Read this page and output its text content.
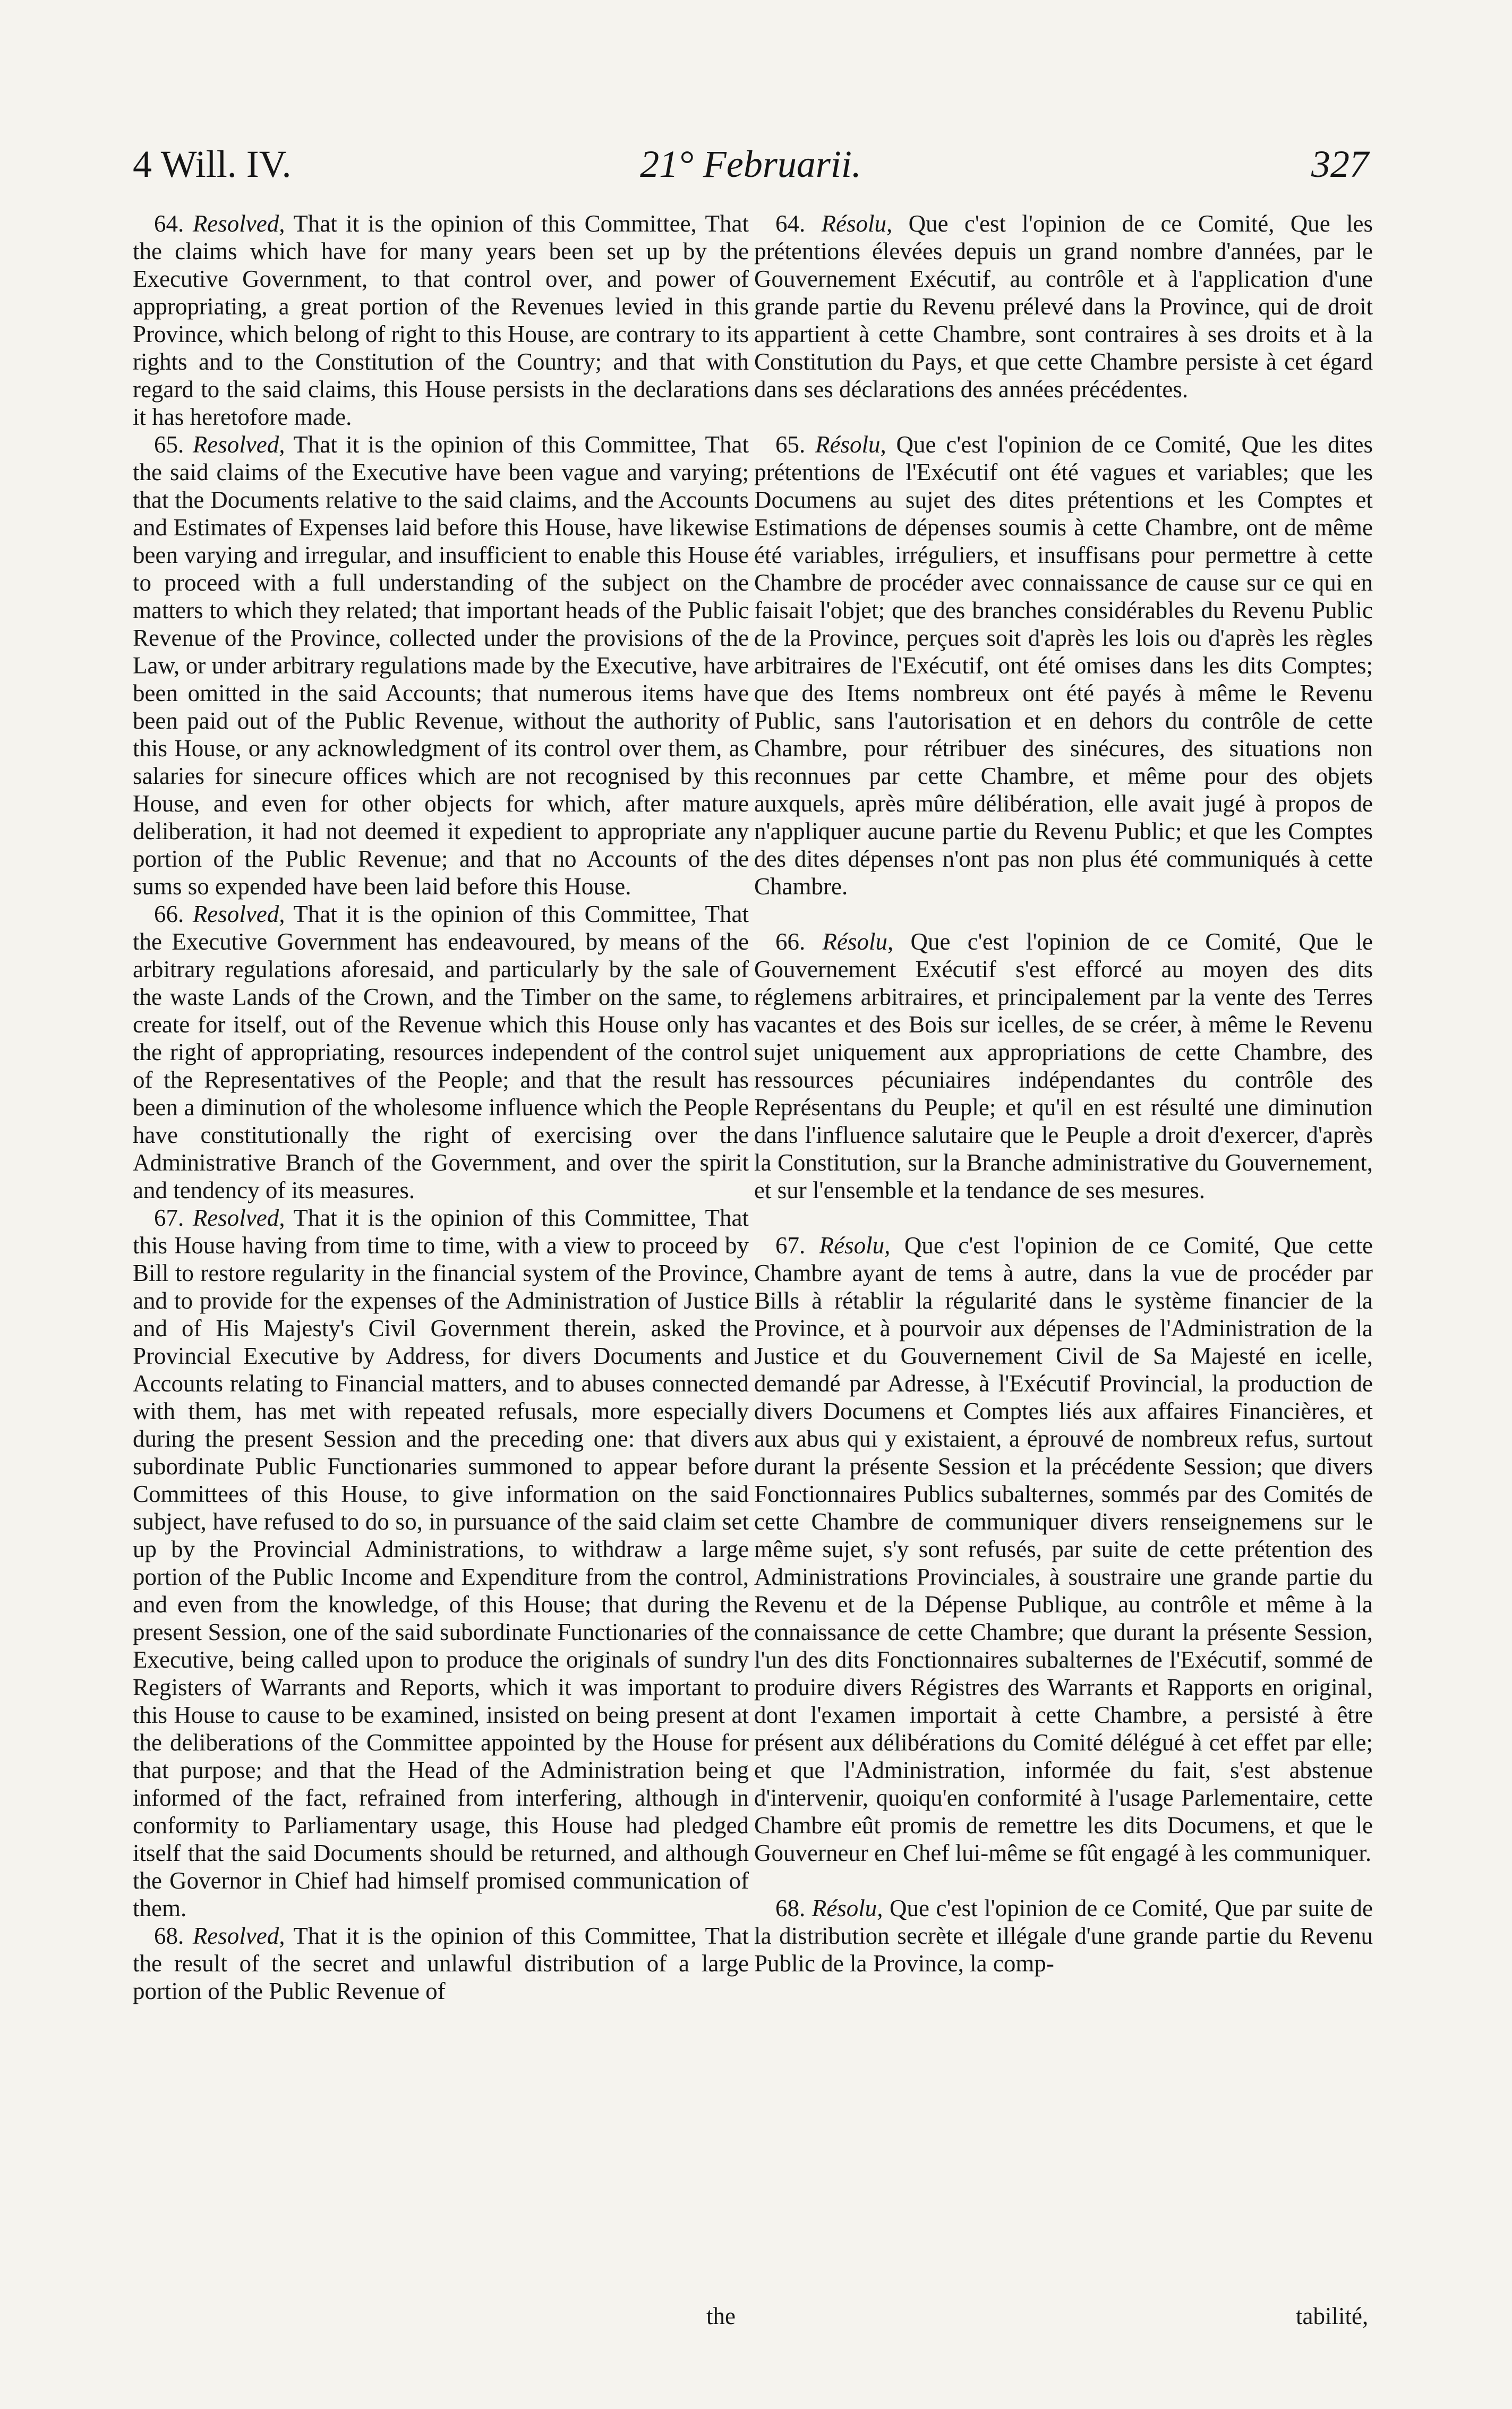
4 Will. IV.	21° Februarii.	327

64. Resolved, That it is the opinion of this Committee, That the claims which have for many years been set up by the Executive Government, to that control over, and power of appropriating, a great portion of the Revenues levied in this Province, which belong of right to this House, are contrary to its rights and to the Constitution of the Country; and that with regard to the said claims, this House persists in the declarations it has heretofore made.

65. Resolved, That it is the opinion of this Committee, That the said claims of the Executive have been vague and varying; that the Documents relative to the said claims, and the Accounts and Estimates of Expenses laid before this House, have likewise been varying and irregular, and insufficient to enable this House to proceed with a full understanding of the subject on the matters to which they related; that important heads of the Public Revenue of the Province, collected under the provisions of the Law, or under arbitrary regulations made by the Executive, have been omitted in the said Accounts; that numerous items have been paid out of the Public Revenue, without the authority of this House, or any acknowledgment of its control over them, as salaries for sinecure offices which are not recognised by this House, and even for other objects for which, after mature deliberation, it had not deemed it expedient to appropriate any portion of the Public Revenue; and that no Accounts of the sums so expended have been laid before this House.

66. Resolved, That it is the opinion of this Committee, That the Executive Government has endeavoured, by means of the arbitrary regulations aforesaid, and particularly by the sale of the waste Lands of the Crown, and the Timber on the same, to create for itself, out of the Revenue which this House only has the right of appropriating, resources independent of the control of the Representatives of the People; and that the result has been a diminution of the wholesome influence which the People have constitutionally the right of exercising over the Administrative Branch of the Government, and over the spirit and tendency of its measures.

67. Resolved, That it is the opinion of this Committee, That this House having from time to time, with a view to proceed by Bill to restore regularity in the financial system of the Province, and to provide for the expenses of the Administration of Justice and of His Majesty's Civil Government therein, asked the Provincial Executive by Address, for divers Documents and Accounts relating to Financial matters, and to abuses connected with them, has met with repeated refusals, more especially during the present Session and the preceding one: that divers subordinate Public Functionaries summoned to appear before Committees of this House, to give information on the said subject, have refused to do so, in pursuance of the said claim set up by the Provincial Administrations, to withdraw a large portion of the Public Income and Expenditure from the control, and even from the knowledge, of this House; that during the present Session, one of the said subordinate Functionaries of the Executive, being called upon to produce the originals of sundry Registers of Warrants and Reports, which it was important to this House to cause to be examined, insisted on being present at the deliberations of the Committee appointed by the House for that purpose; and that the Head of the Administration being informed of the fact, refrained from interfering, although in conformity to Parliamentary usage, this House had pledged itself that the said Documents should be returned, and although the Governor in Chief had himself promised communication of them.

68. Resolved, That it is the opinion of this Committee, That the result of the secret and unlawful distribution of a large portion of the Public Revenue of

the

64. Résolu, Que c'est l'opinion de ce Comité, Que les prétentions élevées depuis un grand nombre d'années, par le Gouvernement Exécutif, au contrôle et à l'application d'une grande partie du Revenu prélevé dans la Province, qui de droit appartient à cette Chambre, sont contraires à ses droits et à la Constitution du Pays, et que cette Chambre persiste à cet égard dans ses déclarations des années précédentes.

65. Résolu, Que c'est l'opinion de ce Comité, Que les dites prétentions de l'Exécutif ont été vagues et variables; que les Documens au sujet des dites prétentions et les Comptes et Estimations de dépenses soumis à cette Chambre, ont de même été variables, irréguliers, et insuffisans pour permettre à cette Chambre de procéder avec connaissance de cause sur ce qui en faisait l'objet; que des branches considérables du Revenu Public de la Province, perçues soit d'après les lois ou d'après les règles arbitraires de l'Exécutif, ont été omises dans les dits Comptes; que des Items nombreux ont été payés à même le Revenu Public, sans l'autorisation et en dehors du contrôle de cette Chambre, pour rétribuer des sinécures, des situations non reconnues par cette Chambre, et même pour des objets auxquels, après mûre délibération, elle avait jugé à propos de n'appliquer aucune partie du Revenu Public; et que les Comptes des dites dépenses n'ont pas non plus été communiqués à cette Chambre.

66. Résolu, Que c'est l'opinion de ce Comité, Que le Gouvernement Exécutif s'est efforcé au moyen des dits réglemens arbitraires, et principalement par la vente des Terres vacantes et des Bois sur icelles, de se créer, à même le Revenu sujet uniquement aux appropriations de cette Chambre, des ressources pécuniaires indépendantes du contrôle des Représentans du Peuple; et qu'il en est résulté une diminution dans l'influence salutaire que le Peuple a droit d'exercer, d'après la Constitution, sur la Branche administrative du Gouvernement, et sur l'ensemble et la tendance de ses mesures.

67. Résolu, Que c'est l'opinion de ce Comité, Que cette Chambre ayant de tems à autre, dans la vue de procéder par Bills à rétablir la régularité dans le système financier de la Province, et à pourvoir aux dépenses de l'Administration de la Justice et du Gouvernement Civil de Sa Majesté en icelle, demandé par Adresse, à l'Exécutif Provincial, la production de divers Documens et Comptes liés aux affaires Financières, et aux abus qui y existaient, a éprouvé de nombreux refus, surtout durant la présente Session et la précédente Session; que divers Fonctionnaires Publics subalternes, sommés par des Comités de cette Chambre de communiquer divers renseignemens sur le même sujet, s'y sont refusés, par suite de cette prétention des Administrations Provinciales, à soustraire une grande partie du Revenu et de la Dépense Publique, au contrôle et même à la connaissance de cette Chambre; que durant la présente Session, l'un des dits Fonctionnaires subalternes de l'Exécutif, sommé de produire divers Régistres des Warrants et Rapports en original, dont l'examen importait à cette Chambre, a persisté à être présent aux délibérations du Comité délégué à cet effet par elle; et que l'Administration, informée du fait, s'est abstenue d'intervenir, quoiqu'en conformité à l'usage Parlementaire, cette Chambre eût promis de remettre les dits Documens, et que le Gouverneur en Chef lui-même se fût engagé à les communiquer.

68. Résolu, Que c'est l'opinion de ce Comité, Que par suite de la distribution secrète et illégale d'une grande partie du Revenu Public de la Province, la comp-

tabilité,
